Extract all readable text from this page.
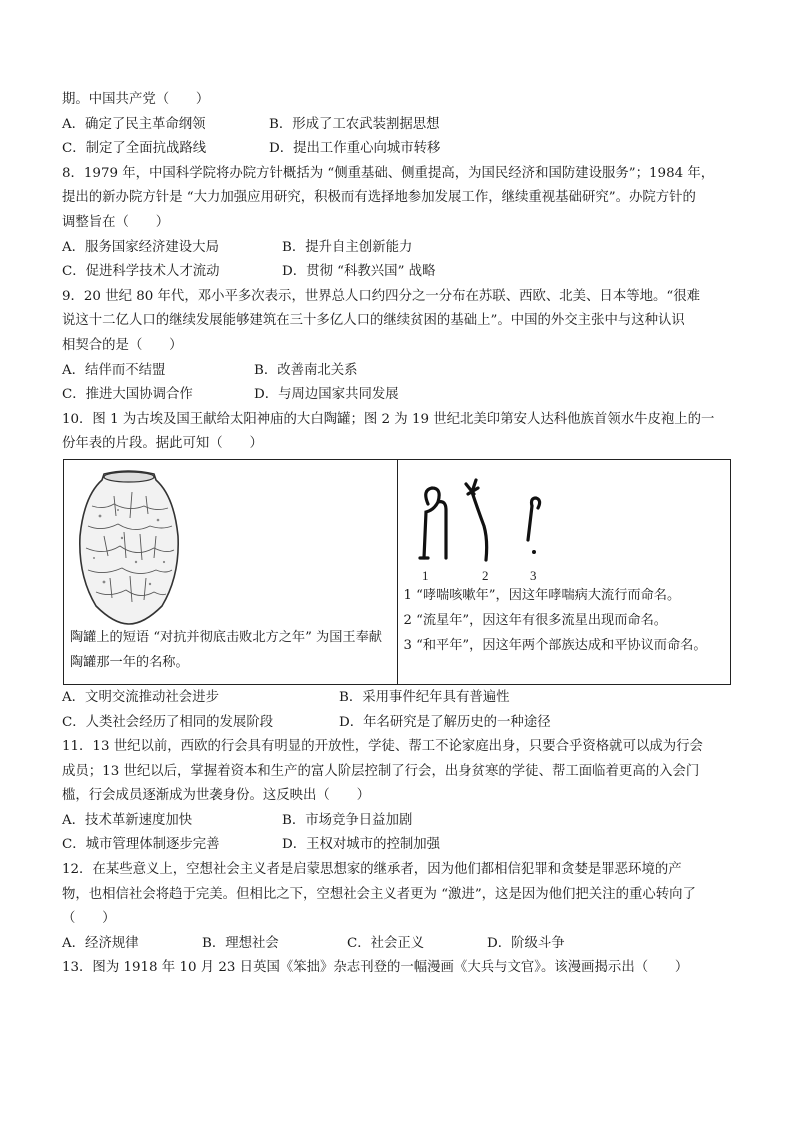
期。中国共产党（　　）
A．确定了民主革命纲领	B．形成了工农武装割据思想
C．制定了全面抗战路线	D．提出工作重心向城市转移
8．1979 年，中国科学院将办院方针概括为 “侧重基础、侧重提高，为国民经济和国防建设服务”；1984 年，
提出的新办院方针是 “大力加强应用研究，积极而有选择地参加发展工作，继续重视基础研究”。办院方针的
调整旨在（　　）
A．服务国家经济建设大局	B．提升自主创新能力
C．促进科学技术人才流动	D．贯彻 “科教兴国” 战略
9．20 世纪 80 年代，邓小平多次表示，世界总人口约四分之一分布在苏联、西欧、北美、日本等地。“很难
说这十二亿人口的继续发展能够建筑在三十多亿人口的继续贫困的基础上”。中国的外交主张中与这种认识
相契合的是（　　）
A．结伴而不结盟	B．改善南北关系
C．推进大国协调合作	D．与周边国家共同发展
10．图 1 为古埃及国王献给太阳神庙的大白陶罐；图 2 为 19 世纪北美印第安人达科他族首领水牛皮袍上的一
份年表的片段。据此可知（　　）
陶罐上的短语 “对抗并彻底击败北方之年” 为国王奉献陶罐那一年的名称。

1	2	3
1 “哮喘咳嗽年”，因这年哮喘病大流行而命名。
2 “流星年”，因这年有很多流星出现而命名。
3 “和平年”，因这年两个部族达成和平协议而命名。
A．文明交流推动社会进步	B．采用事件纪年具有普遍性
C．人类社会经历了相同的发展阶段	D．年名研究是了解历史的一种途径
11．13 世纪以前，西欧的行会具有明显的开放性，学徒、帮工不论家庭出身，只要合乎资格就可以成为行会
成员；13 世纪以后，掌握着资本和生产的富人阶层控制了行会，出身贫寒的学徒、帮工面临着更高的入会门
槛，行会成员逐渐成为世袭身份。这反映出（　　）
A．技术革新速度加快	B．市场竞争日益加剧
C．城市管理体制逐步完善	D．王权对城市的控制加强
12．在某些意义上，空想社会主义者是启蒙思想家的继承者，因为他们都相信犯罪和贪婪是罪恶环境的产
物，也相信社会将趋于完美。但相比之下，空想社会主义者更为 “激进”，这是因为他们把关注的重心转向了
（　　）
A．经济规律	B．理想社会	C．社会正义	D．阶级斗争
13．图为 1918 年 10 月 23 日英国《笨拙》杂志刊登的一幅漫画《大兵与文官》。该漫画揭示出（　　）
